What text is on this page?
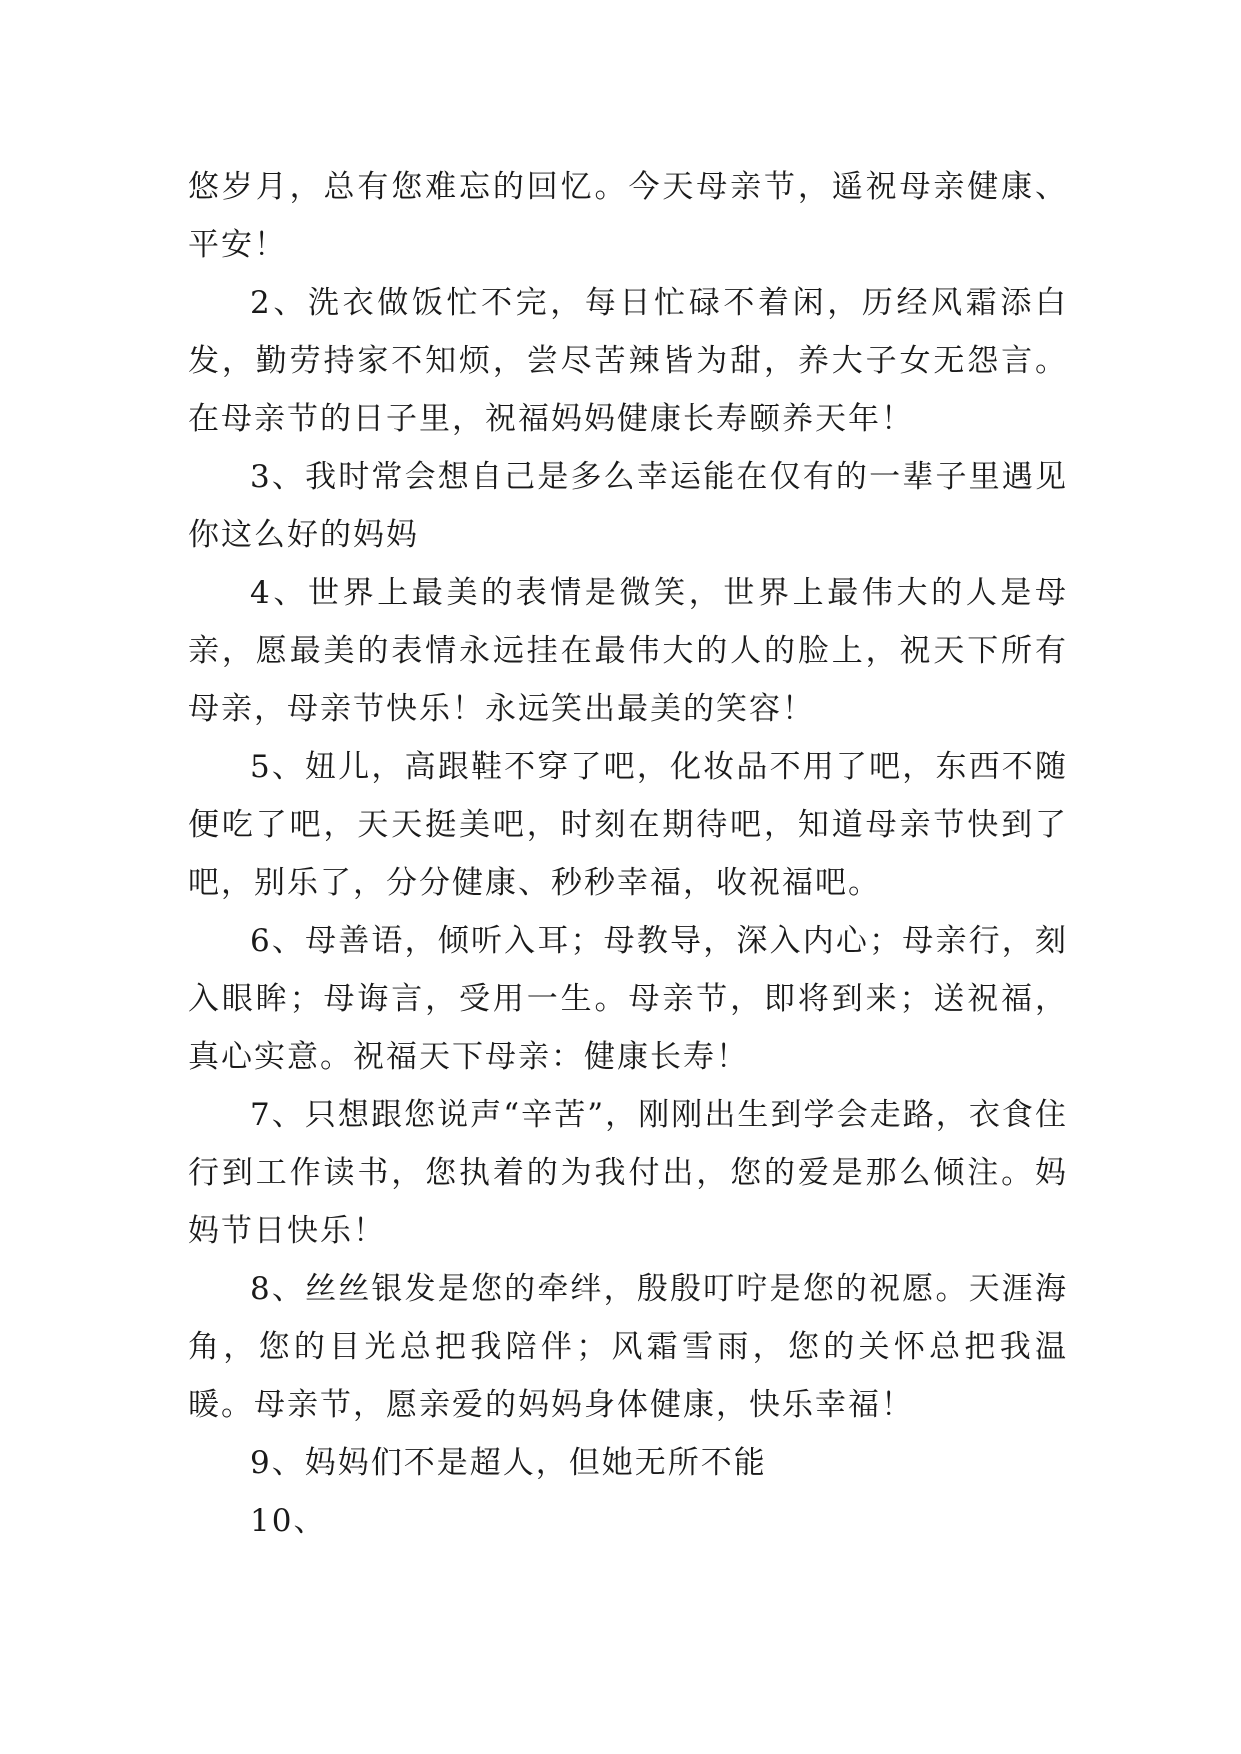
悠岁月，总有您难忘的回忆。今天母亲节，遥祝母亲健康、平安！

2、洗衣做饭忙不完，每日忙碌不着闲，历经风霜添白发，勤劳持家不知烦，尝尽苦辣皆为甜，养大子女无怨言。在母亲节的日子里，祝福妈妈健康长寿颐养天年！

3、我时常会想自己是多么幸运能在仅有的一辈子里遇见你这么好的妈妈

4、世界上最美的表情是微笑，世界上最伟大的人是母亲，愿最美的表情永远挂在最伟大的人的脸上，祝天下所有母亲，母亲节快乐！永远笑出最美的笑容！

5、妞儿，高跟鞋不穿了吧，化妆品不用了吧，东西不随便吃了吧，天天挺美吧，时刻在期待吧，知道母亲节快到了吧，别乐了，分分健康、秒秒幸福，收祝福吧。

6、母善语，倾听入耳；母教导，深入内心；母亲行，刻入眼眸；母诲言，受用一生。母亲节，即将到来；送祝福，真心实意。祝福天下母亲：健康长寿！

7、只想跟您说声“辛苦”，刚刚出生到学会走路，衣食住行到工作读书，您执着的为我付出，您的爱是那么倾注。妈妈节日快乐！

8、丝丝银发是您的牵绊，殷殷叮咛是您的祝愿。天涯海角，您的目光总把我陪伴；风霜雪雨，您的关怀总把我温暖。母亲节，愿亲爱的妈妈身体健康，快乐幸福！

9、妈妈们不是超人，但她无所不能

10、
